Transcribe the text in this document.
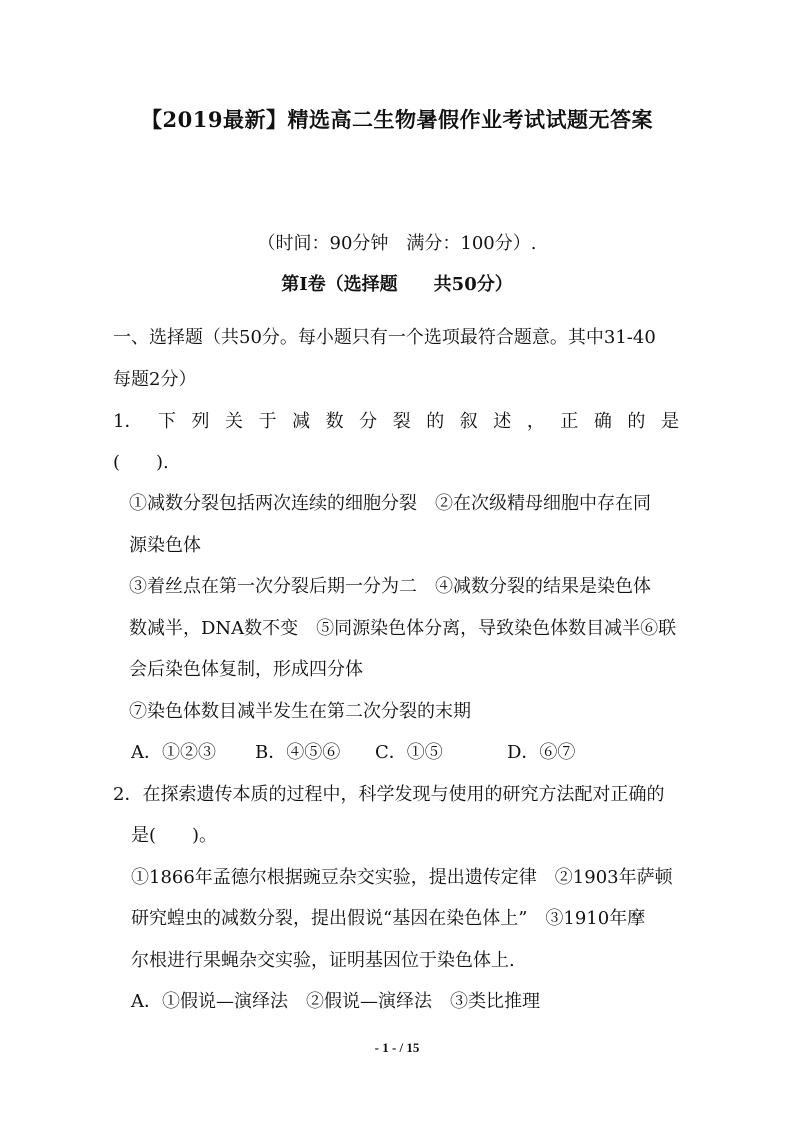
【2019最新】精选高二生物暑假作业考试试题无答案
（时间：90分钟　满分：100分）.
第Ⅰ卷（选择题　　共50分）
一、选择题（共50分。每小题只有一个选项最符合题意。其中31-40
每题2分）
1． 下 列 关 于 减 数 分 裂 的 叙 述 ， 正 确 的 是
(　　).
①减数分裂包括两次连续的细胞分裂　②在次级精母细胞中存在同
源染色体
③着丝点在第一次分裂后期一分为二　④减数分裂的结果是染色体
数减半，DNA数不变　⑤同源染色体分离，导致染色体数目减半⑥联
会后染色体复制，形成四分体
⑦染色体数目减半发生在第二次分裂的末期
A．①②③ B．④⑤⑥ C．①⑤	D．⑥⑦
2．在探索遗传本质的过程中，科学发现与使用的研究方法配对正确的
是(　　)。
①1866年孟德尔根据豌豆杂交实验，提出遗传定律　②1903年萨顿
研究蝗虫的减数分裂，提出假说“基因在染色体上”　③1910年摩
尔根进行果蝇杂交实验，证明基因位于染色体上.
A．①假说—演绎法　②假说—演绎法　③类比推理
- 1 - / 15
